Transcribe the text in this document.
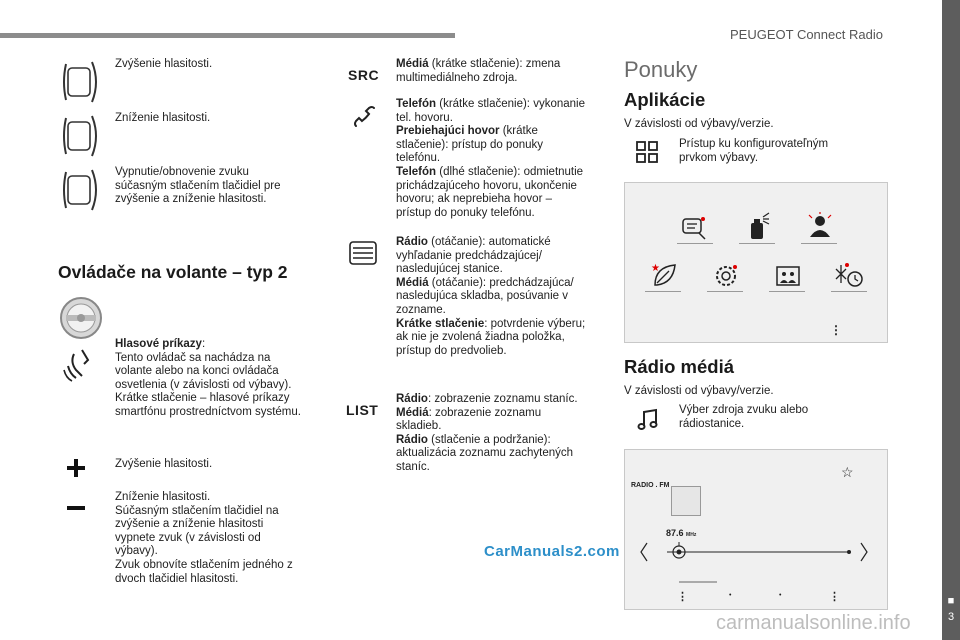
PEUGEOT Connect Radio
■
3
Zvýšenie hlasitosti.
Zníženie hlasitosti.
Vypnutie/obnovenie zvuku
súčasným stlačením tlačidiel pre
zvýšenie a zníženie hlasitosti.
Ovládače na volante – typ 2
Hlasové príkazy:
Tento ovládač sa nachádza na
volante alebo na konci ovládača
osvetlenia (v závislosti od výbavy).
Krátke stlačenie – hlasové príkazy
smartfónu prostredníctvom systému.
Zvýšenie hlasitosti.
Zníženie hlasitosti.
Súčasným stlačením tlačidiel na
zvýšenie a zníženie hlasitosti
vypnete zvuk (v závislosti od
výbavy).
Zvuk obnovíte stlačením jedného z
dvoch tlačidiel hlasitosti.
SRC
Médiá (krátke stlačenie): zmena
multimediálneho zdroja.
Telefón (krátke stlačenie): vykonanie
tel. hovoru.
Prebiehajúci hovor (krátke
stlačenie): prístup do ponuky
telefónu.
Telefón (dlhé stlačenie): odmietnutie
prichádzajúceho hovoru, ukončenie
hovoru; ak neprebieha hovor –
prístup do ponuky telefónu.
Rádio (otáčanie): automatické
vyhľadanie predchádzajúcej/
nasledujúcej stanice.
Médiá (otáčanie): predchádzajúca/
nasledujúca skladba, posúvanie v
zozname.
Krátke stlačenie: potvrdenie výberu;
ak nie je zvolená žiadna položka,
prístup do predvolieb.
LIST
Rádio: zobrazenie zoznamu staníc.
Médiá: zobrazenie zoznamu
skladieb.
Rádio (stlačenie a podržanie):
aktualizácia zoznamu zachytených
staníc.
CarManuals2.com
Ponuky
Aplikácie
V závislosti od výbavy/verzie.
Prístup ku konfigurovateľným
prvkom výbavy.
★
⋮
Rádio médiá
V závislosti od výbavy/verzie.
Výber zdroja zvuku alebo
rádiostanice.
RADIO . FM
☆
87.6 MHz
⋮	•	•	⋮
carmanualsonline.info
